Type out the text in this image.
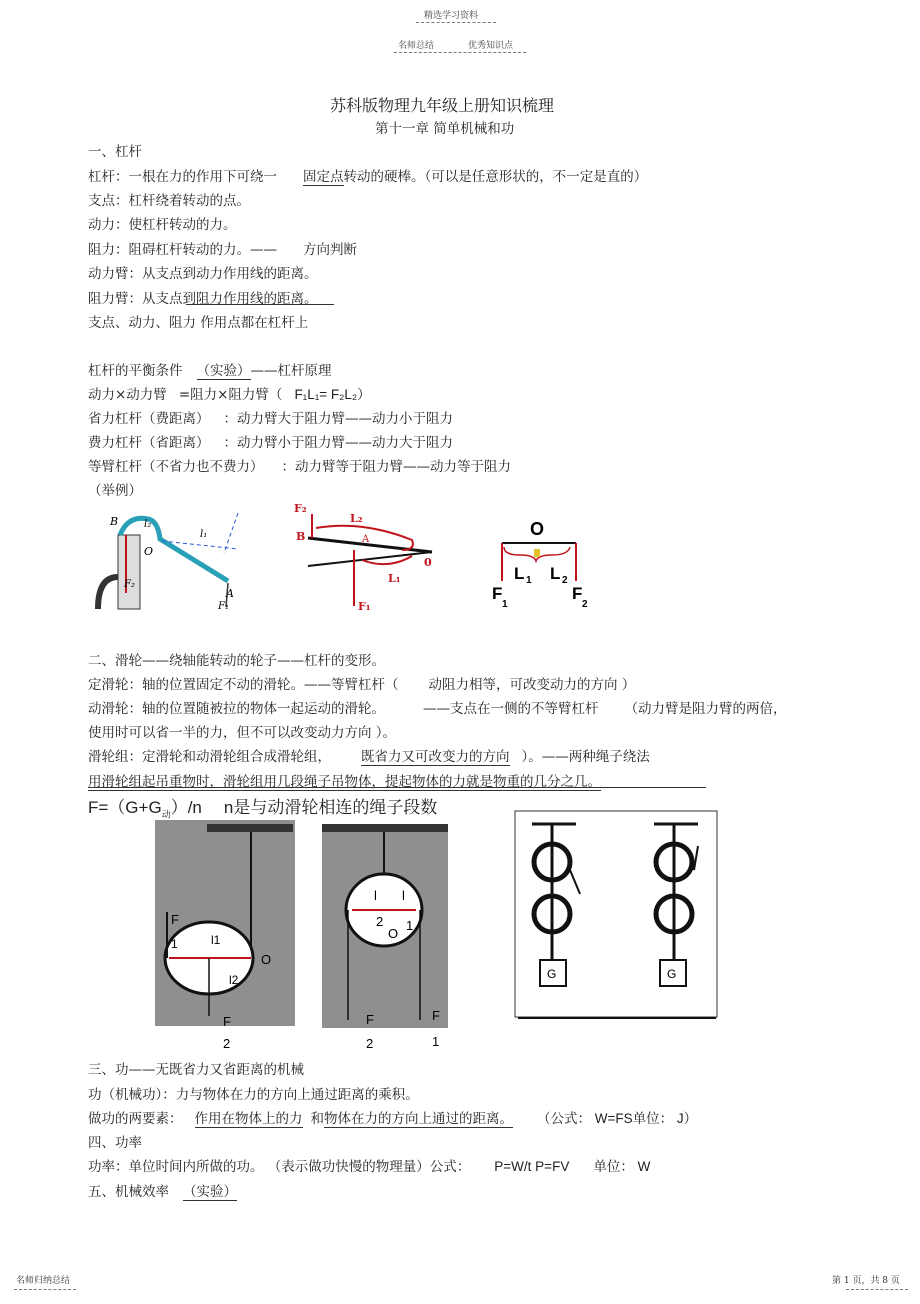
精选学习资料
名师总结	优秀知识点
苏科版物理九年级上册知识梳理
第十一章 简单机械和功
一、杠杆
杠杆：一根在力的作用下可绕一 固定点转动的硬棒。（可以是任意形状的，不一定是直的）
支点：杠杆绕着转动的点。
动力：使杠杆转动的力。
阻力：阻碍杠杆转动的力。—— 方向判断
动力臂：从支点到动力作用线的距离。
阻力臂：从支点到阻力作用线的距离。
支点、动力、阻力 作用点都在杠杆上
杠杆的平衡条件 （实验）——杠杆原理
动力×动力臂 =阻力×阻力臂（ F₁L₁= F₂L₂）
省力杠杆（费距离） ：动力臂大于阻力臂——动力小于阻力
费力杠杆（省距离） ：动力臂小于阻力臂——动力大于阻力
等臂杠杆（不省力也不费力） ：动力臂等于阻力臂——动力等于阻力
（举例）
B	l₂
l₁
O
F₂
A
F₁
F₂
L₂
B	A
0
L₁
F₁
O
L 1 L 2
F
1
F
2
二、滑轮——绕轴能转动的轮子——杠杆的变形。
定滑轮：轴的位置固定不动的滑轮。——等臂杠杆（ 动阻力相等，可改变动力的方向 ）
动滑轮：轴的位置随被拉的物体一起运动的滑轮。	——支点在一侧的不等臂杠杆 （动力臂是阻力臂的两倍，
使用时可以省一半的力，但不可以改变动力方向 ）。
滑轮组：定滑轮和动滑轮组合成滑轮组， 既省力又可改变力的方向 ）。——两种绳子绕法
用滑轮组起吊重物时，滑轮组用几段绳子吊物体，提起物体的力就是物重的几分之几。
$F=(G+G_动)/n$ n是与动滑轮相连的绳子段数
F
l1
1
O
l2
F
2
l l
2
O
1
F	F
2	1
G	G
三、功——无既省力又省距离的机械
功（机械功）：力与物体在力的方向上通过距离的乘积。
做功的两要素： 作用在物体上的力 和物体在力的方向上通过的距离。 （公式： W=FS单位： J）
四、功率
功率：单位时间内所做的功。 （表示做功快慢的物理量）公式： P=W/t P=FV 单位： W
五、机械效率 （实验）
名师归纳总结	第 1 页，共 8 页
